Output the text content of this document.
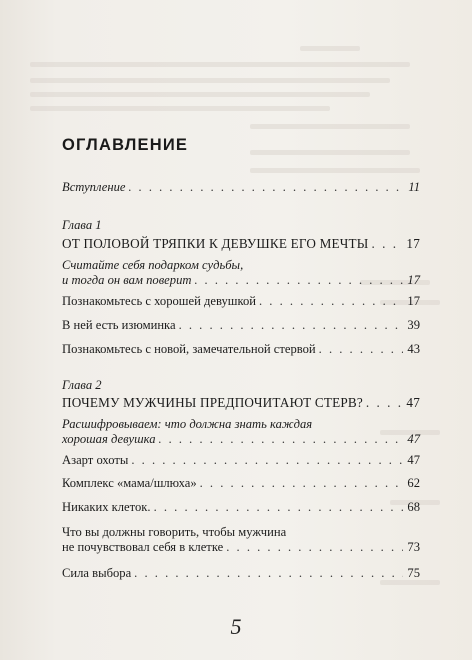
ОГЛАВЛЕНИЕ
Вступление . . .	11
Глава 1
ОТ ПОЛОВОЙ ТРЯПКИ К ДЕВУШКЕ ЕГО МЕЧТЫ . . .	17
Считайте себя подарком судьбы,
и тогда он вам поверит . . .	17
Познакомьтесь с хорошей девушкой . . .	17
В ней есть изюминка . . .	39
Познакомьтесь с новой, замечательной стервой . . .	43
Глава 2
ПОЧЕМУ МУЖЧИНЫ ПРЕДПОЧИТАЮТ СТЕРВ? . . .	47
Расшифровываем: что должна знать каждая
хорошая девушка . . .	47
Азарт охоты . . .	47
Комплекс «мама/шлюха» . . .	62
Никаких клеток. . . .	68
Что вы должны говорить, чтобы мужчина
не почувствовал себя в клетке . . .	73
Сила выбора . . .	75
5
